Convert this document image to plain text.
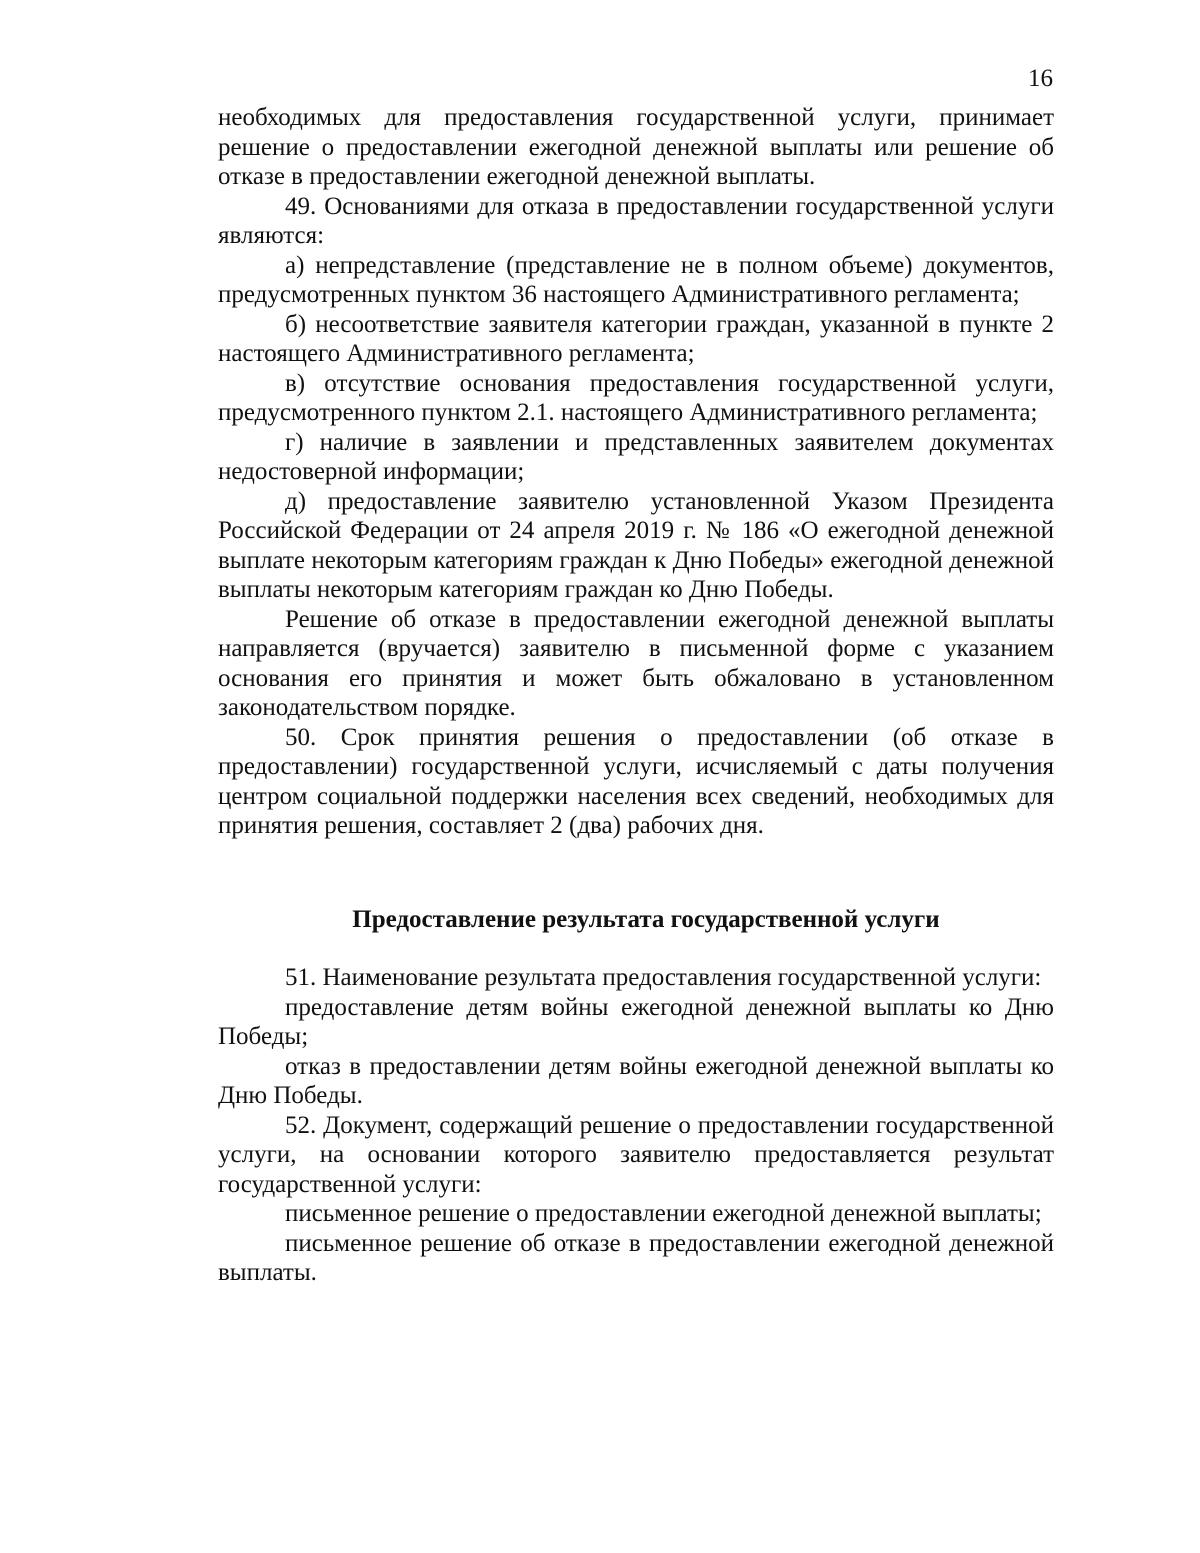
16

необходимых для предоставления государственной услуги, принимает решение о предоставлении ежегодной денежной выплаты или решение об отказе в предоставлении ежегодной денежной выплаты.

49. Основаниями для отказа в предоставлении государственной услуги являются:

а) непредставление (представление не в полном объеме) документов, предусмотренных пунктом 36 настоящего Административного регламента;

б) несоответствие заявителя категории граждан, указанной в пункте 2 настоящего Административного регламента;

в) отсутствие основания предоставления государственной услуги, предусмотренного пунктом 2.1. настоящего Административного регламента;

г) наличие в заявлении и представленных заявителем документах недостоверной информации;

д) предоставление заявителю установленной Указом Президента Российской Федерации от 24 апреля 2019 г. № 186 «О ежегодной денежной выплате некоторым категориям граждан к Дню Победы» ежегодной денежной выплаты некоторым категориям граждан ко Дню Победы.

Решение об отказе в предоставлении ежегодной денежной выплаты направляется (вручается) заявителю в письменной форме с указанием основания его принятия и может быть обжаловано в установленном законодательством порядке.

50. Срок принятия решения о предоставлении (об отказе в предоставлении) государственной услуги, исчисляемый с даты получения центром социальной поддержки населения всех сведений, необходимых для принятия решения, составляет 2 (два) рабочих дня.

Предоставление результата государственной услуги

51. Наименование результата предоставления государственной услуги:

предоставление детям войны ежегодной денежной выплаты ко Дню Победы;

отказ в предоставлении детям войны ежегодной денежной выплаты ко Дню Победы.

52. Документ, содержащий решение о предоставлении государственной услуги, на основании которого заявителю предоставляется результат государственной услуги:

письменное решение о предоставлении ежегодной денежной выплаты;

письменное решение об отказе в предоставлении ежегодной денежной выплаты.
